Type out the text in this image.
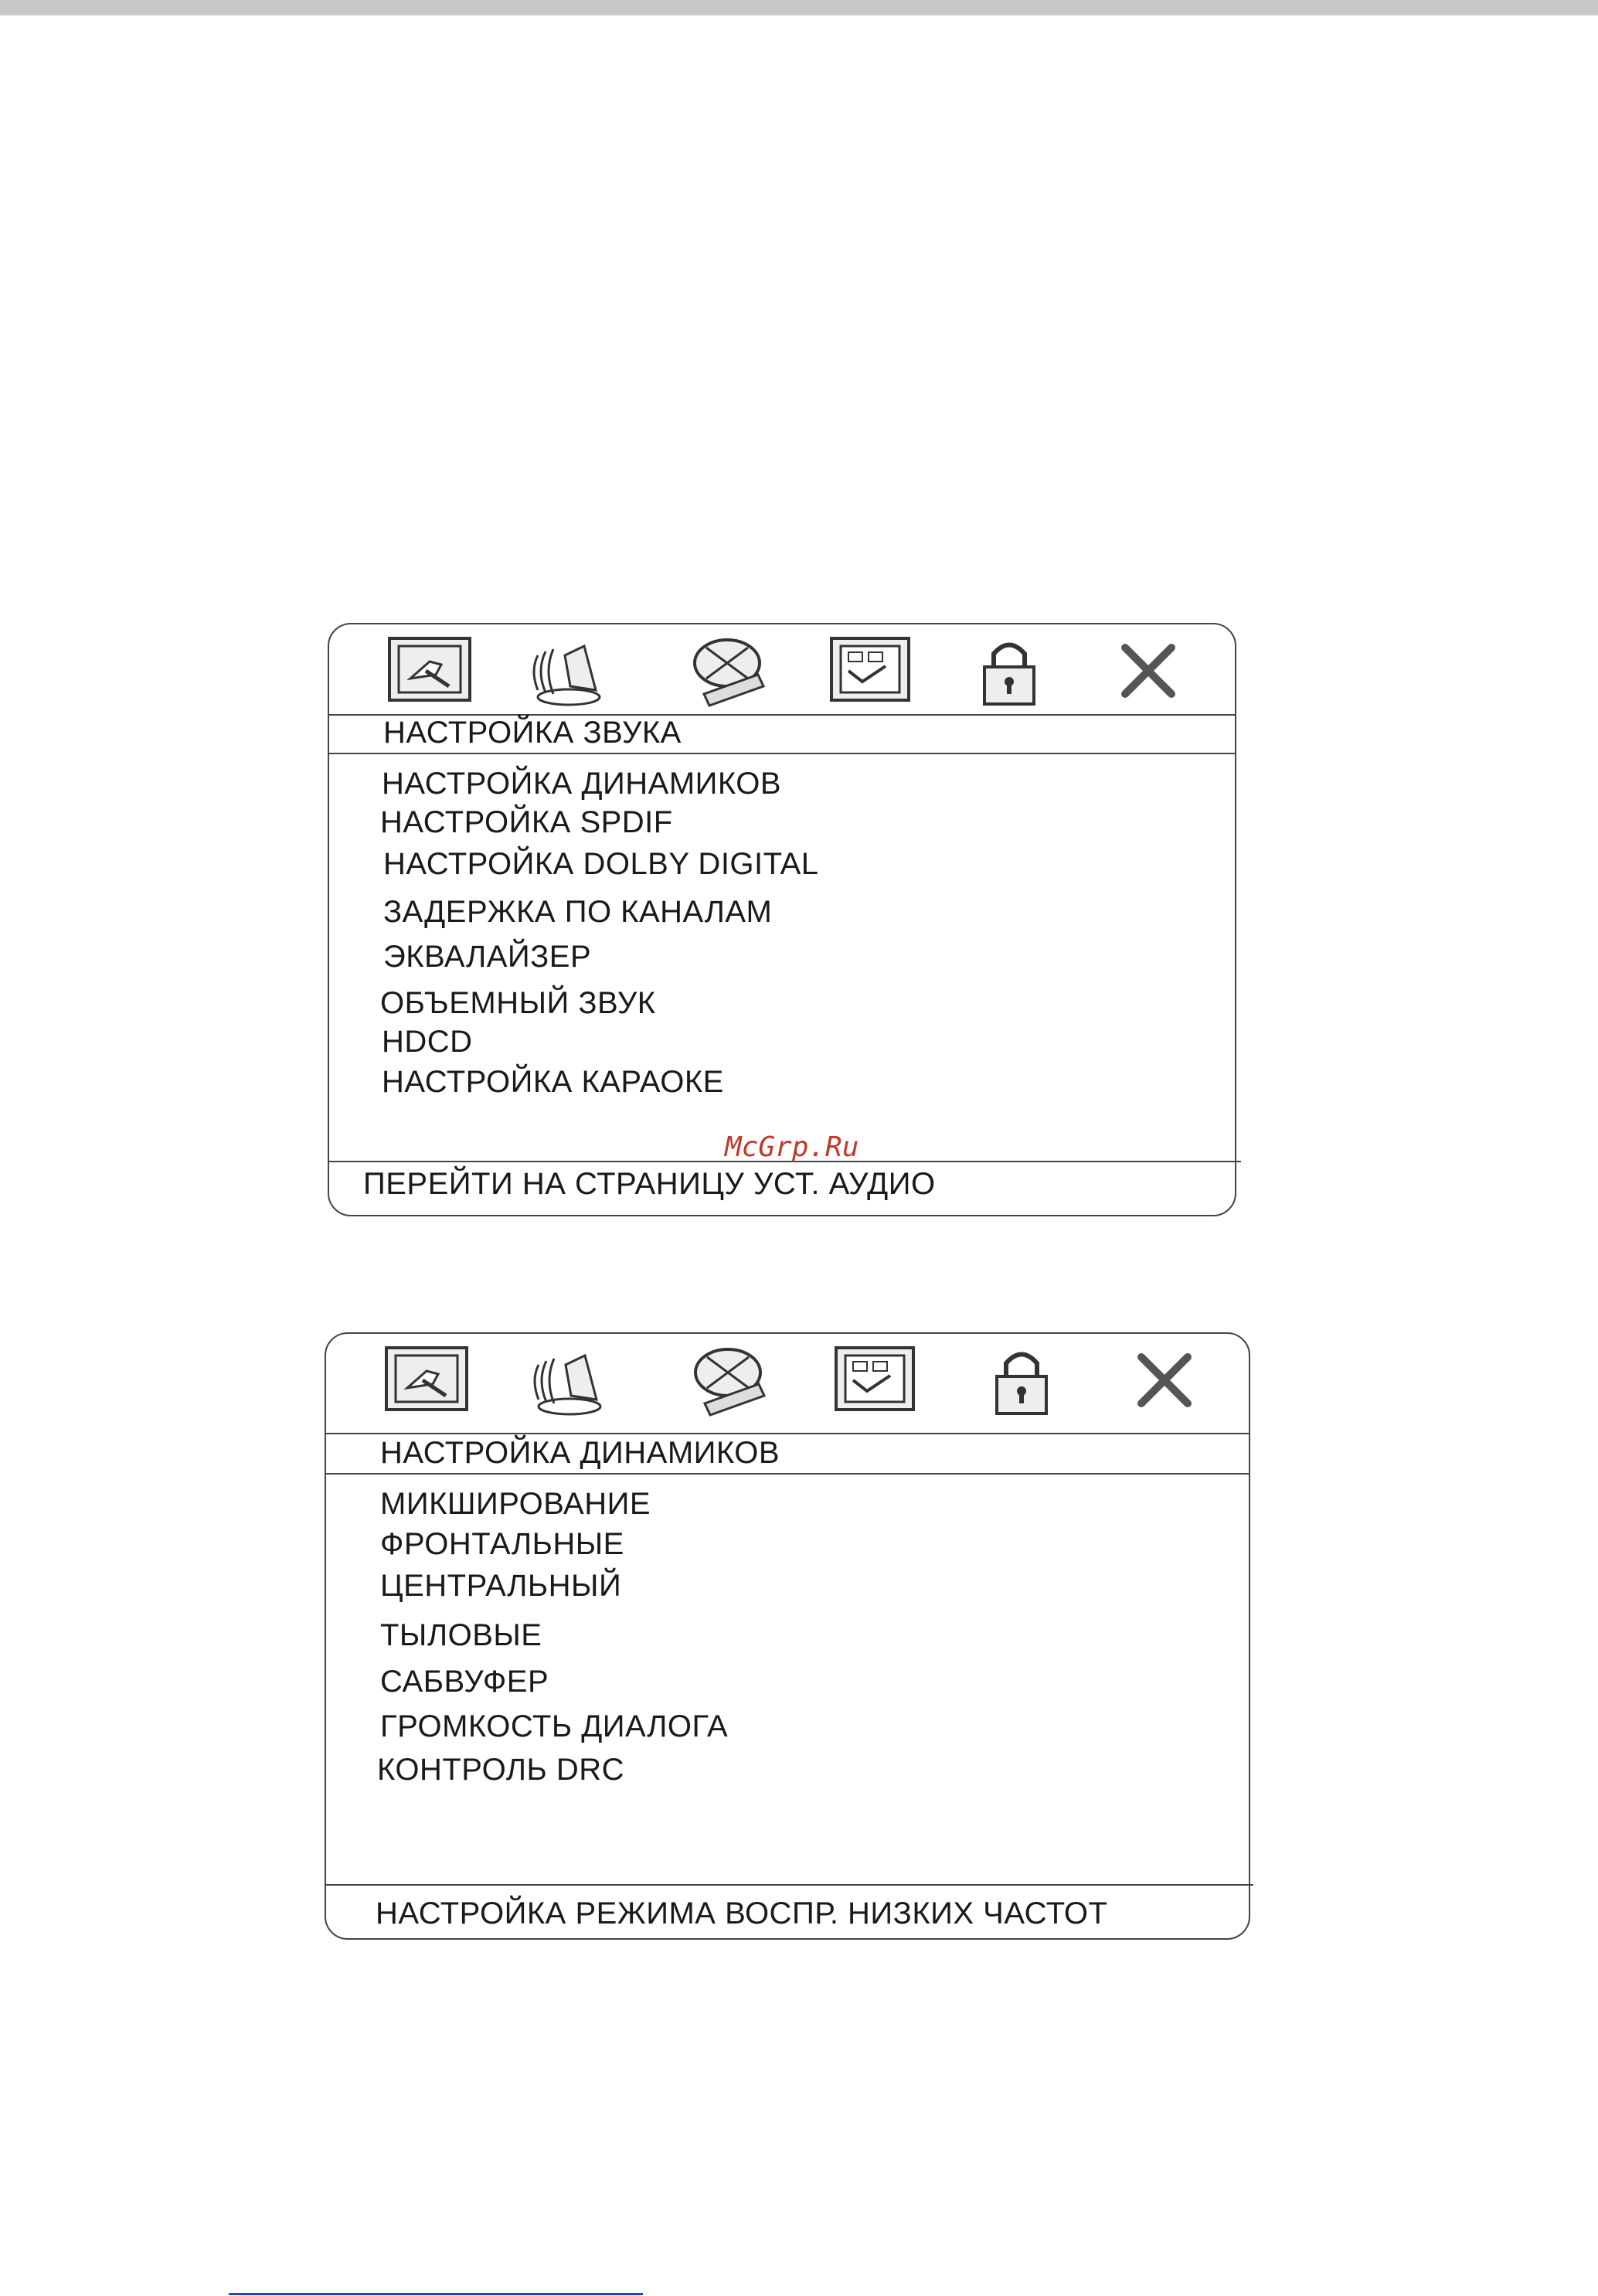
НАСТРОЙКА ЗВУКА
НАСТРОЙКА ДИНАМИКОВ
НАСТРОЙКА SPDIF
НАСТРОЙКА DOLBY DIGITAL
ЗАДЕРЖКА ПО КАНАЛАМ
ЭКВАЛАЙЗЕР
ОБЪЕМНЫЙ ЗВУК
HDCD
НАСТРОЙКА КАРАОКЕ
ПЕРЕЙТИ НА СТРАНИЦУ УСТ. АУДИО
McGrp.Ru
НАСТРОЙКА ДИНАМИКОВ
МИКШИРОВАНИЕ
ФРОНТАЛЬНЫЕ
ЦЕНТРАЛЬНЫЙ
ТЫЛОВЫЕ
САБВУФЕР
ГРОМКОСТЬ ДИАЛОГА
КОНТРОЛЬ DRC
НАСТРОЙКА РЕЖИМА ВОСПР. НИЗКИХ ЧАСТОТ
